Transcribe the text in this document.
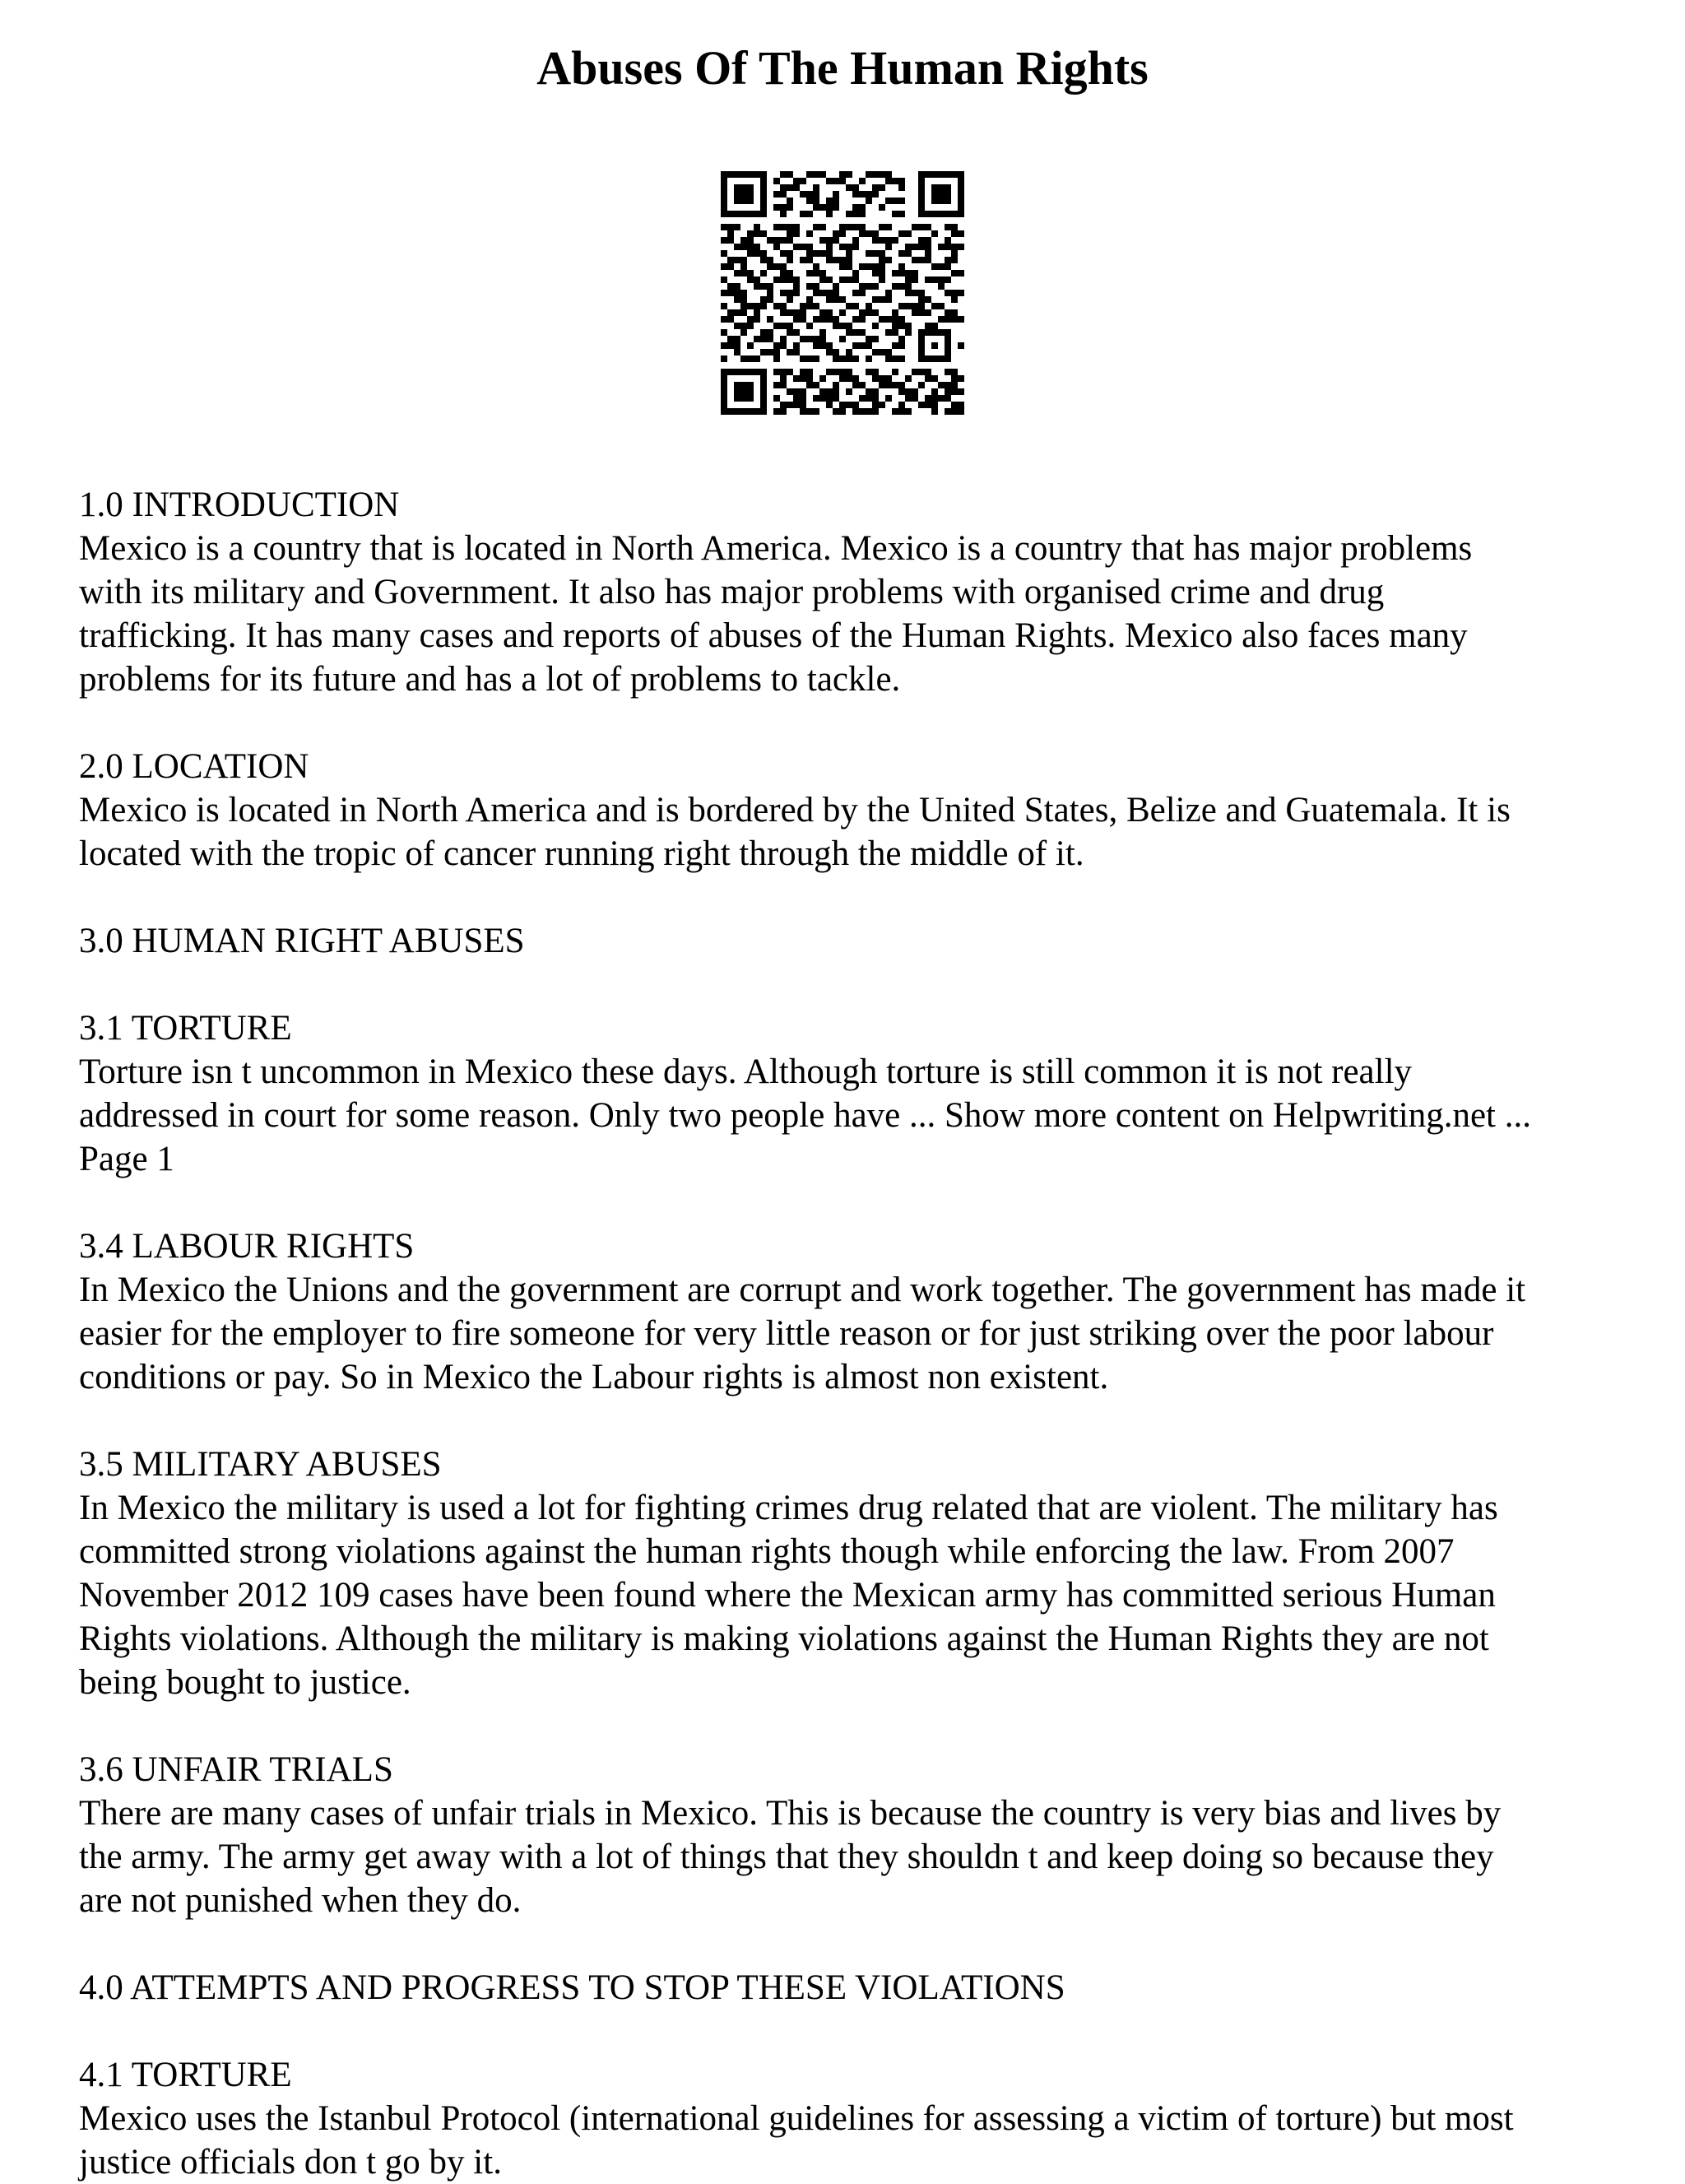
Abuses Of The Human Rights

1.0 INTRODUCTION

Mexico is a country that is located in North America. Mexico is a country that has major problems

with its military and Government. It also has major problems with organised crime and drug

trafficking. It has many cases and reports of abuses of the Human Rights. Mexico also faces many

problems for its future and has a lot of problems to tackle.

2.0 LOCATION

Mexico is located in North America and is bordered by the United States, Belize and Guatemala. It is

located with the tropic of cancer running right through the middle of it.

3.0 HUMAN RIGHT ABUSES

3.1 TORTURE

Torture isn t uncommon in Mexico these days. Although torture is still common it is not really

addressed in court for some reason. Only two people have ... Show more content on Helpwriting.net ...

Page 1

3.4 LABOUR RIGHTS

In Mexico the Unions and the government are corrupt and work together. The government has made it

easier for the employer to fire someone for very little reason or for just striking over the poor labour

conditions or pay. So in Mexico the Labour rights is almost non existent.

3.5 MILITARY ABUSES

In Mexico the military is used a lot for fighting crimes drug related that are violent. The military has

committed strong violations against the human rights though while enforcing the law. From 2007

November 2012 109 cases have been found where the Mexican army has committed serious Human

Rights violations. Although the military is making violations against the Human Rights they are not

being bought to justice.

3.6 UNFAIR TRIALS

There are many cases of unfair trials in Mexico. This is because the country is very bias and lives by

the army. The army get away with a lot of things that they shouldn t and keep doing so because they

are not punished when they do.

4.0 ATTEMPTS AND PROGRESS TO STOP THESE VIOLATIONS

4.1 TORTURE

Mexico uses the Istanbul Protocol (international guidelines for assessing a victim of torture) but most

justice officials don t go by it.
